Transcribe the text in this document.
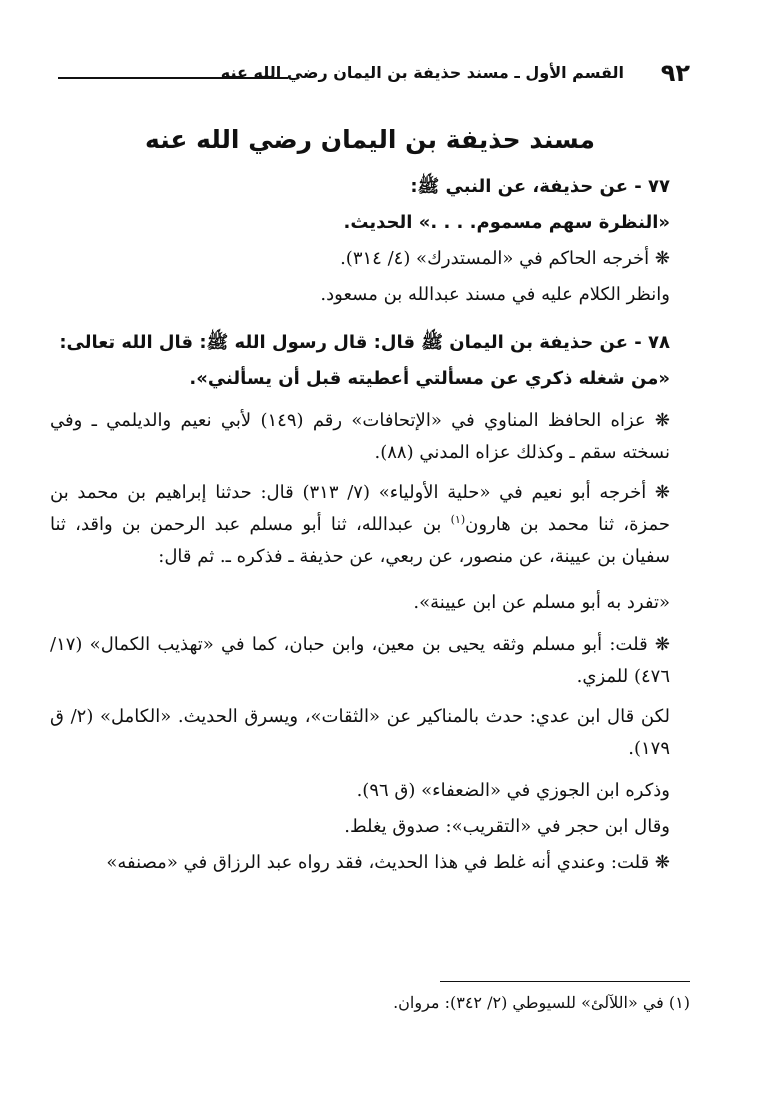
٩٢
القسم الأول ـ مسند حذيفة بن اليمان رضي الله عنه
مسند حذيفة بن اليمان رضي الله عنه

٧٧ - عن حذيفة، عن النبي ﷺ:

«النظرة سهم مسموم. . . .» الحديث.

❋ أخرجه الحاكم في «المستدرك» (٤/ ٣١٤).

وانظر الكلام عليه في مسند عبدالله بن مسعود.

٧٨ - عن حذيفة بن اليمان ﷺ قال: قال رسول الله ﷺ: قال الله تعالى:

«من شغله ذكري عن مسألتي أعطيته قبل أن يسألني».

❋ عزاه الحافظ المناوي في «الإتحافات» رقم (١٤٩) لأبي نعيم والديلمي ـ وفي نسخته سقم ـ وكذلك عزاه المدني (٨٨).

❋ أخرجه أبو نعيم في «حلية الأولياء» (٧/ ٣١٣) قال: حدثنا إبراهيم بن محمد بن حمزة، ثنا محمد بن هارون$^{(١)}$ بن عبدالله، ثنا أبو مسلم عبد الرحمن بن واقد، ثنا سفيان بن عيينة، عن منصور، عن ربعي، عن حذيفة ـ فذكره ـ. ثم قال:

«تفرد به أبو مسلم عن ابن عيينة».

❋ قلت: أبو مسلم وثقه يحيى بن معين، وابن حبان، كما في «تهذيب الكمال» (١٧/ ٤٧٦) للمزي.

لكن قال ابن عدي: حدث بالمناكير عن «الثقات»، ويسرق الحديث. «الكامل» (٢/ ق ١٧٩).

وذكره ابن الجوزي في «الضعفاء» (ق ٩٦).

وقال ابن حجر في «التقريب»: صدوق يغلط.

❋ قلت: وعندي أنه غلط في هذا الحديث، فقد رواه عبد الرزاق في «مصنفه»

(١) في «اللآلئ» للسيوطي (٢/ ٣٤٢): مروان.
